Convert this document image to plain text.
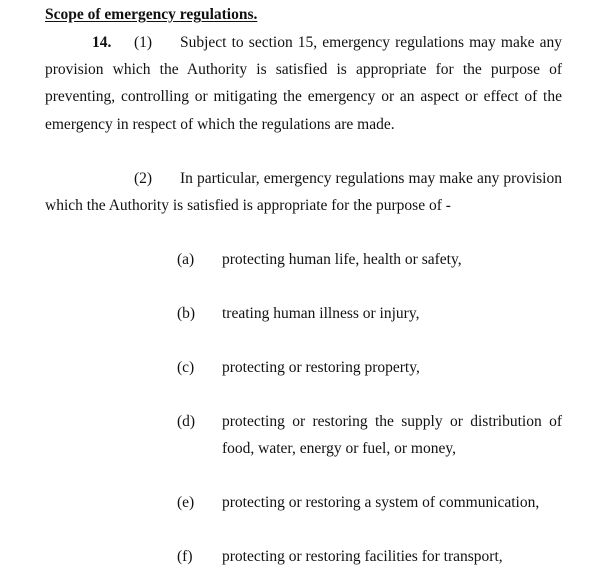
Scope of emergency regulations.
14. (1) Subject to section 15, emergency regulations may make any
provision which the Authority is satisfied is appropriate for the purpose of
preventing, controlling or mitigating the emergency or an aspect or effect of the
emergency in respect of which the regulations are made.
(2) In particular, emergency regulations may make any provision
which the Authority is satisfied is appropriate for the purpose of -
(a) protecting human life, health or safety,
(b) treating human illness or injury,
(c) protecting or restoring property,
(d) protecting or restoring the supply or distribution of
food, water, energy or fuel, or money,
(e) protecting or restoring a system of communication,
(f) protecting or restoring facilities for transport,
